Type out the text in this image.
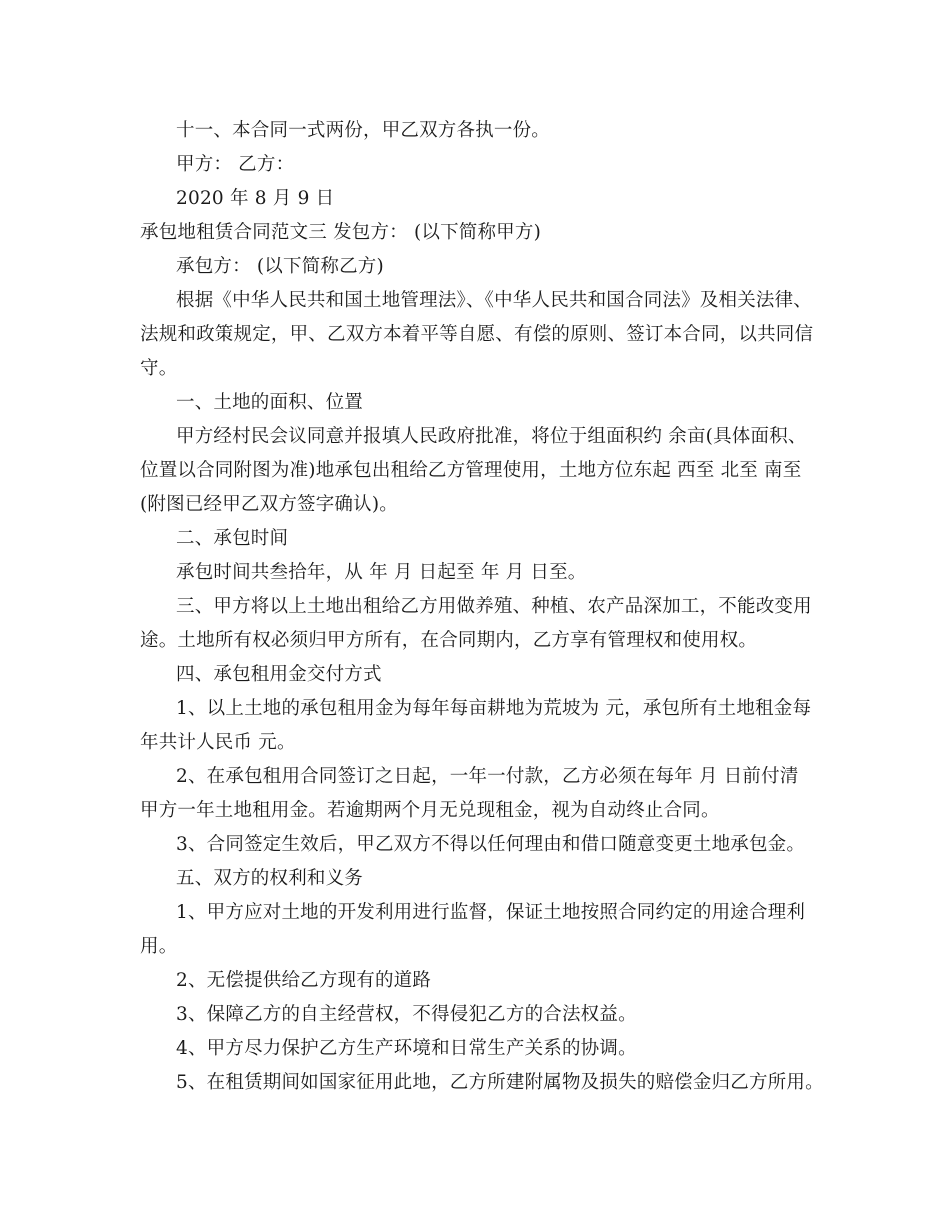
十一、本合同一式两份，甲乙双方各执一份。
甲方： 乙方：
2020 年 8 月 9 日
承包地租赁合同范文三 发包方： (以下简称甲方)
承包方： (以下简称乙方)
根据《中华人民共和国土地管理法》、《中华人民共和国合同法》及相关法律、
法规和政策规定，甲、乙双方本着平等自愿、有偿的原则、签订本合同，以共同信
守。
一、土地的面积、位置
甲方经村民会议同意并报填人民政府批准，将位于组面积约 余亩(具体面积、
位置以合同附图为准)地承包出租给乙方管理使用，土地方位东起 西至 北至 南至
(附图已经甲乙双方签字确认)。
二、承包时间
承包时间共叁拾年，从 年 月 日起至 年 月 日至。
三、甲方将以上土地出租给乙方用做养殖、种植、农产品深加工，不能改变用
途。土地所有权必须归甲方所有，在合同期内，乙方享有管理权和使用权。
四、承包租用金交付方式
1、以上土地的承包租用金为每年每亩耕地为荒坡为 元，承包所有土地租金每
年共计人民币 元。
2、在承包租用合同签订之日起，一年一付款，乙方必须在每年 月 日前付清
甲方一年土地租用金。若逾期两个月无兑现租金，视为自动终止合同。
3、合同签定生效后，甲乙双方不得以任何理由和借口随意变更土地承包金。
五、双方的权利和义务
1、甲方应对土地的开发利用进行监督，保证土地按照合同约定的用途合理利
用。
2、无偿提供给乙方现有的道路
3、保障乙方的自主经营权，不得侵犯乙方的合法权益。
4、甲方尽力保护乙方生产环境和日常生产关系的协调。
5、在租赁期间如国家征用此地，乙方所建附属物及损失的赔偿金归乙方所用。
